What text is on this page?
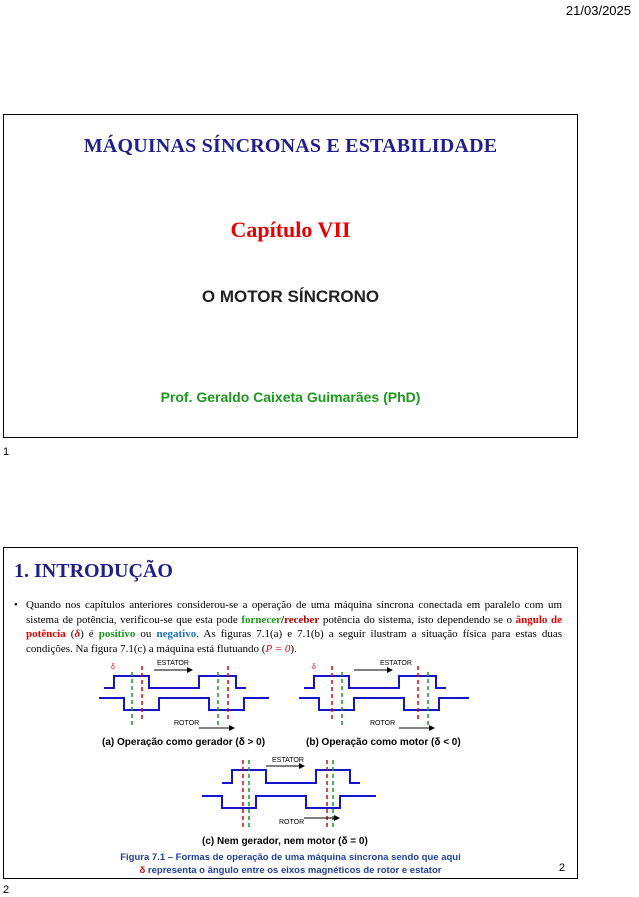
21/03/2025
MÁQUINAS SÍNCRONAS E ESTABILIDADE
Capítulo VII
O MOTOR SÍNCRONO
Prof. Geraldo Caixeta Guimarães (PhD)
1
1. INTRODUÇÃO
• Quando nos capítulos anteriores considerou-se a operação de uma máquina síncrona conectada em paralelo com um sistema de potência, verificou-se que esta pode fornecer/receber potência do sistema, isto dependendo se o ângulo de potência (δ) é positivo ou negativo. As figuras 7.1(a) e 7.1(b) a seguir ilustram a situação física para estas duas condições. Na figura 7.1(c) a máquina está flutuando (P = 0).
δ
ESTATOR
ROTOR
(a) Operação como gerador (δ > 0)
δ
ESTATOR
ROTOR
(b) Operação como motor (δ < 0)
ESTATOR
ROTOR
(c) Nem gerador, nem motor (δ = 0)
Figura 7.1 – Formas de operação de uma máquina síncrona sendo que aqui
δ representa o ângulo entre os eixos magnéticos de rotor e estator	2
2
